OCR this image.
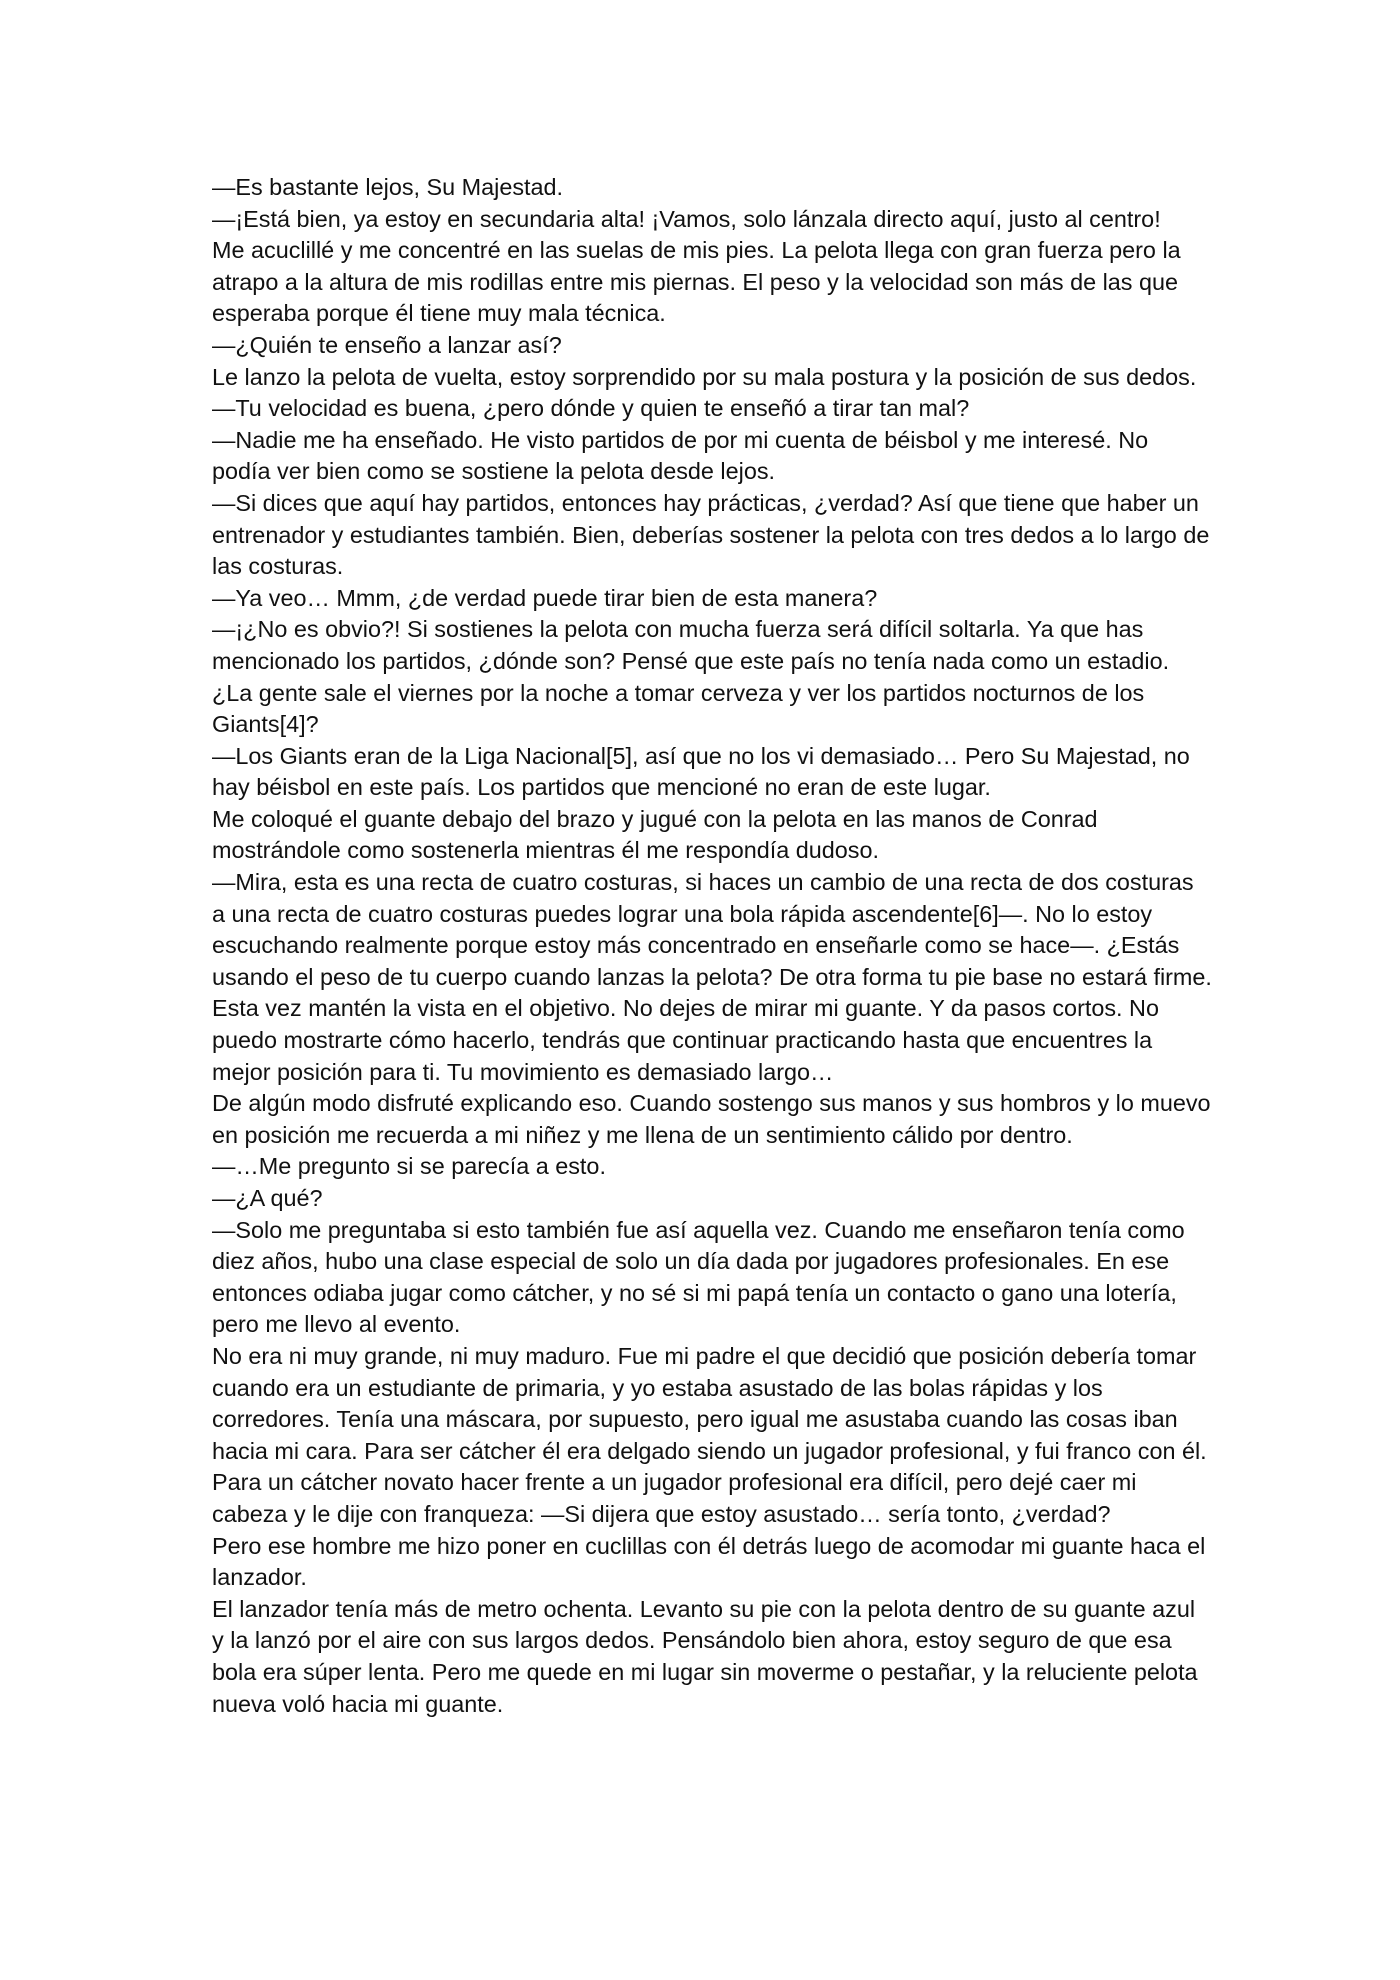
—Es bastante lejos, Su Majestad.

—¡Está bien, ya estoy en secundaria alta! ¡Vamos, solo lánzala directo aquí, justo al centro!

Me acuclillé y me concentré en las suelas de mis pies. La pelota llega con gran fuerza pero la atrapo a la altura de mis rodillas entre mis piernas. El peso y la velocidad son más de las que esperaba porque él tiene muy mala técnica.

—¿Quién te enseño a lanzar así?

Le lanzo la pelota de vuelta, estoy sorprendido por su mala postura y la posición de sus dedos.

—Tu velocidad es buena, ¿pero dónde y quien te enseñó a tirar tan mal?

—Nadie me ha enseñado. He visto partidos de por mi cuenta de béisbol y me interesé. No podía ver bien como se sostiene la pelota desde lejos.

—Si dices que aquí hay partidos, entonces hay prácticas, ¿verdad? Así que tiene que haber un entrenador y estudiantes también. Bien, deberías sostener la pelota con tres dedos a lo largo de las costuras.

—Ya veo… Mmm, ¿de verdad puede tirar bien de esta manera?

—¡¿No es obvio?! Si sostienes la pelota con mucha fuerza será difícil soltarla. Ya que has mencionado los partidos, ¿dónde son? Pensé que este país no tenía nada como un estadio. ¿La gente sale el viernes por la noche a tomar cerveza y ver los partidos nocturnos de los Giants[4]?

—Los Giants eran de la Liga Nacional[5], así que no los vi demasiado… Pero Su Majestad, no hay béisbol en este país. Los partidos que mencioné no eran de este lugar.

Me coloqué el guante debajo del brazo y jugué con la pelota en las manos de Conrad mostrándole como sostenerla mientras él me respondía dudoso.

—Mira, esta es una recta de cuatro costuras, si haces un cambio de una recta de dos costuras a una recta de cuatro costuras puedes lograr una bola rápida ascendente[6]—. No lo estoy escuchando realmente porque estoy más concentrado en enseñarle como se hace—. ¿Estás usando el peso de tu cuerpo cuando lanzas la pelota? De otra forma tu pie base no estará firme. Esta vez mantén la vista en el objetivo. No dejes de mirar mi guante. Y da pasos cortos. No puedo mostrarte cómo hacerlo, tendrás que continuar practicando hasta que encuentres la mejor posición para ti. Tu movimiento es demasiado largo…

De algún modo disfruté explicando eso. Cuando sostengo sus manos y sus hombros y lo muevo en posición me recuerda a mi niñez y me llena de un sentimiento cálido por dentro.

—…Me pregunto si se parecía a esto.

—¿A qué?

—Solo me preguntaba si esto también fue así aquella vez. Cuando me enseñaron tenía como diez años, hubo una clase especial de solo un día dada por jugadores profesionales. En ese entonces odiaba jugar como cátcher, y no sé si mi papá tenía un contacto o gano una lotería, pero me llevo al evento.

No era ni muy grande, ni muy maduro. Fue mi padre el que decidió que posición debería tomar cuando era un estudiante de primaria, y yo estaba asustado de las bolas rápidas y los corredores. Tenía una máscara, por supuesto, pero igual me asustaba cuando las cosas iban hacia mi cara. Para ser cátcher él era delgado siendo un jugador profesional, y fui franco con él.

Para un cátcher novato hacer frente a un jugador profesional era difícil, pero dejé caer mi cabeza y le dije con franqueza: —Si dijera que estoy asustado… sería tonto, ¿verdad?

Pero ese hombre me hizo poner en cuclillas con él detrás luego de acomodar mi guante haca el lanzador.

El lanzador tenía más de metro ochenta. Levanto su pie con la pelota dentro de su guante azul y la lanzó por el aire con sus largos dedos. Pensándolo bien ahora, estoy seguro de que esa bola era súper lenta. Pero me quede en mi lugar sin moverme o pestañar, y la reluciente pelota nueva voló hacia mi guante.
